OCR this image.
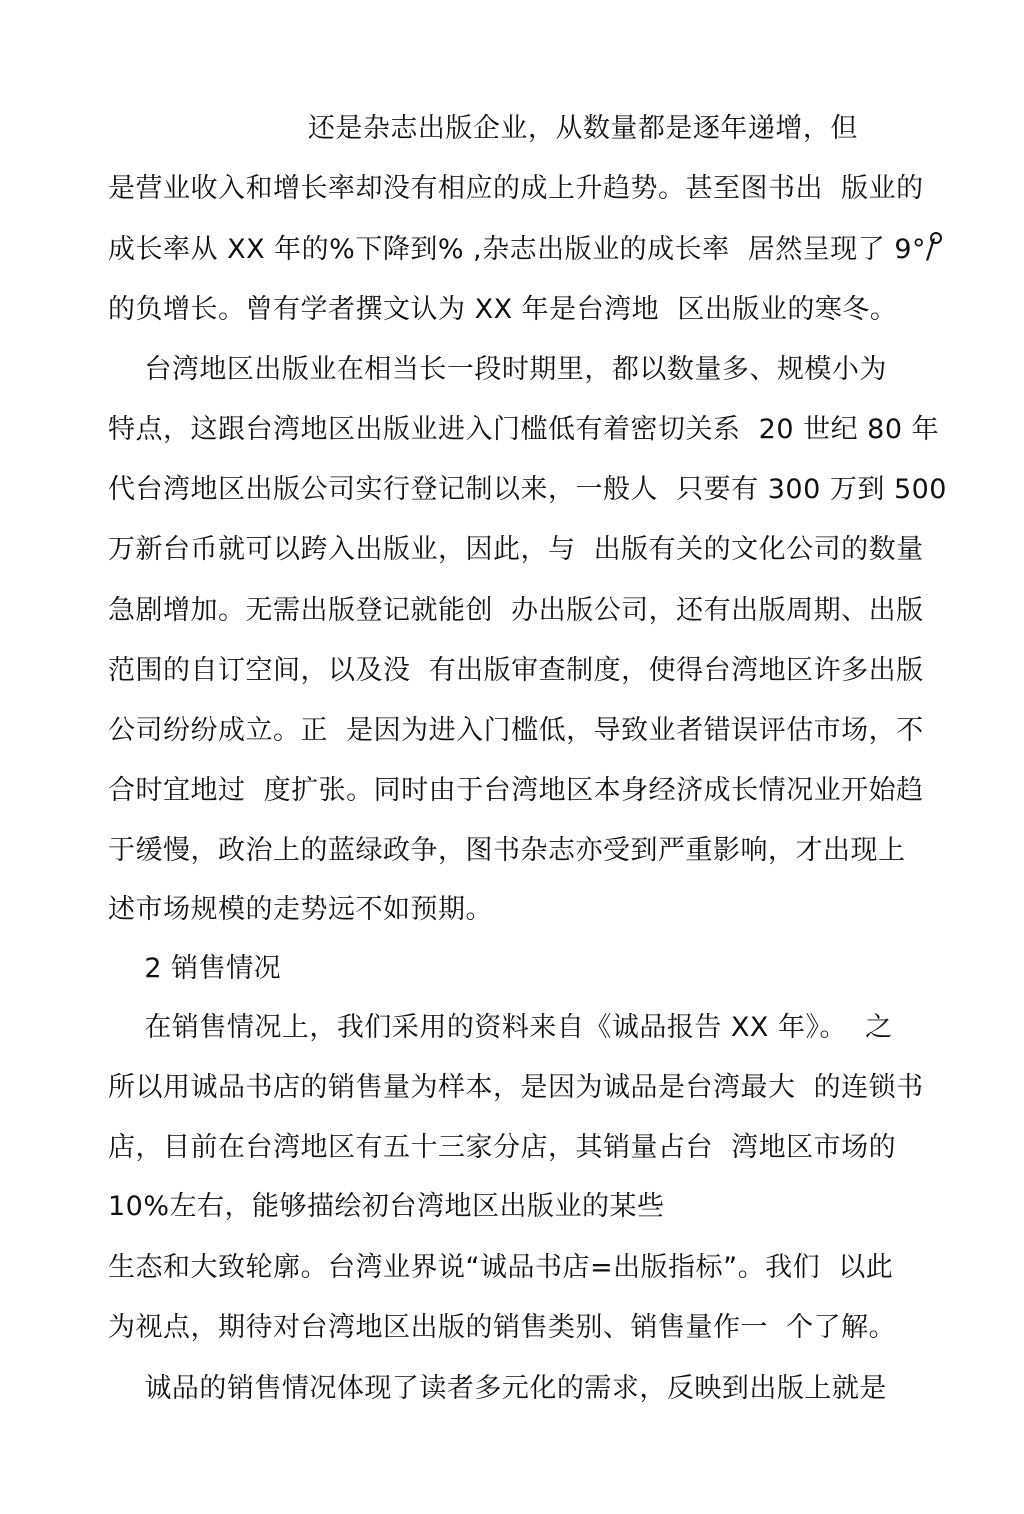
还是杂志出版企业，从数量都是逐年递增，但
是营业收入和增长率却没有相应的成上升趋势。甚至图书出  版业的
成长率从 XX 年的%下降到% ,杂志出版业的成长率  居然呈现了 9°/
的负增长。曾有学者撰文认为 XX 年是台湾地  区出版业的寒冬。
台湾地区出版业在相当长一段时期里，都以数量多、规模小为
特点，这跟台湾地区出版业进入门槛低有着密切关系  20 世纪 80 年
代台湾地区出版公司实行登记制以来，一般人  只要有 300 万到 500
万新台币就可以跨入出版业，因此，与  出版有关的文化公司的数量
急剧增加。无需出版登记就能创  办出版公司，还有出版周期、出版
范围的自订空间，以及没  有出版审查制度，使得台湾地区许多出版
公司纷纷成立。正  是因为进入门槛低，导致业者错误评估市场，不
合时宜地过  度扩张。同时由于台湾地区本身经济成长情况业开始趋
于缓慢，政治上的蓝绿政争，图书杂志亦受到严重影响，才出现上
述市场规模的走势远不如预期。
2 销售情况
在销售情况上，我们采用的资料来自《诚品报告 XX 年》。  之
所以用诚品书店的销售量为样本，是因为诚品是台湾最大  的连锁书
店，目前在台湾地区有五十三家分店，其销量占台  湾地区市场的
10%左右，能够描绘初台湾地区出版业的某些
生态和大致轮廓。台湾业界说“诚品书店=出版指标”。我们  以此
为视点，期待对台湾地区出版的销售类别、销售量作一  个了解。
诚品的销售情况体现了读者多元化的需求，反映到出版上就是
